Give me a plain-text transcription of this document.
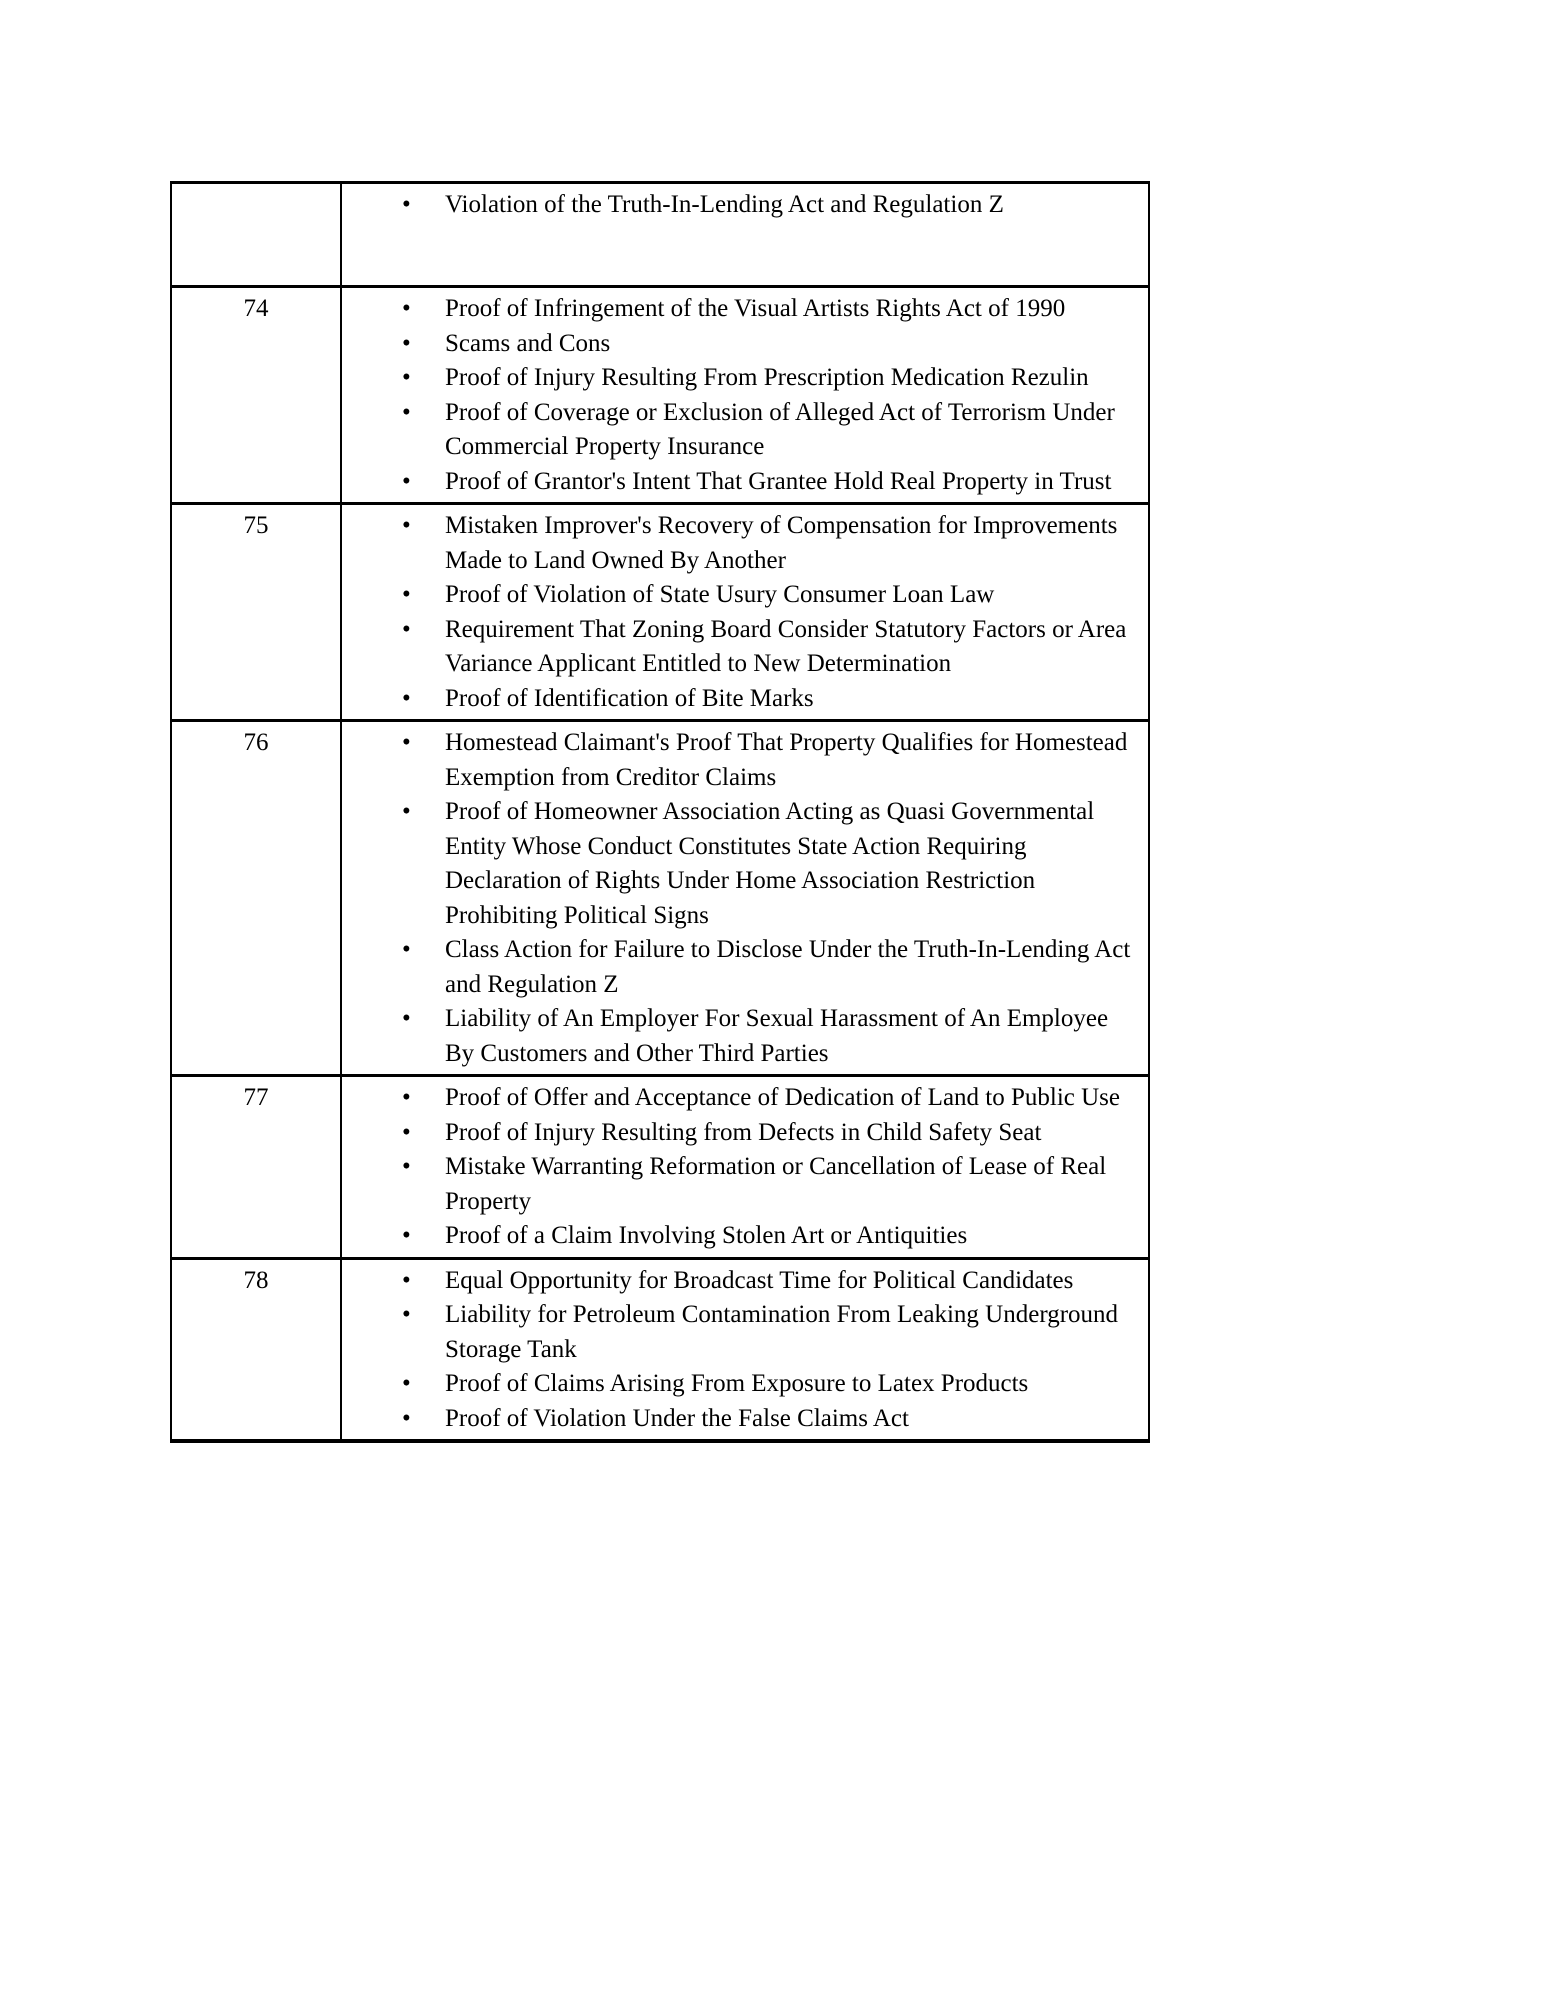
• Violation of the Truth-In-Lending Act and Regulation Z

74	
•Proof of Infringement of the Visual Artists Rights Act of 1990
• Scams and Cons
• Proof of Injury Resulting From Prescription Medication Rezulin
• Proof of Coverage or Exclusion of Alleged Act of Terrorism Under Commercial Property Insurance
• Proof of Grantor's Intent That Grantee Hold Real Property in Trust

75	
•Mistaken Improver's Recovery of Compensation for Improvements Made to Land Owned By Another
• Proof of Violation of State Usury Consumer Loan Law
• Requirement That Zoning Board Consider Statutory Factors or Area Variance Applicant Entitled to New Determination
• Proof of Identification of Bite Marks

76	
•Homestead Claimant's Proof That Property Qualifies for Homestead Exemption from Creditor Claims
• Proof of Homeowner Association Acting as Quasi Governmental Entity Whose Conduct Constitutes State Action Requiring Declaration of Rights Under Home Association Restriction Prohibiting Political Signs
• Class Action for Failure to Disclose Under the Truth-In-Lending Act and Regulation Z
• Liability of An Employer For Sexual Harassment of An Employee By Customers and Other Third Parties

77	
•Proof of Offer and Acceptance of Dedication of Land to Public Use
• Proof of Injury Resulting from Defects in Child Safety Seat
• Mistake Warranting Reformation or Cancellation of Lease of Real Property
• Proof of a Claim Involving Stolen Art or Antiquities

78	
•Equal Opportunity for Broadcast Time for Political Candidates
• Liability for Petroleum Contamination From Leaking Underground Storage Tank
• Proof of Claims Arising From Exposure to Latex Products
• Proof of Violation Under the False Claims Act
